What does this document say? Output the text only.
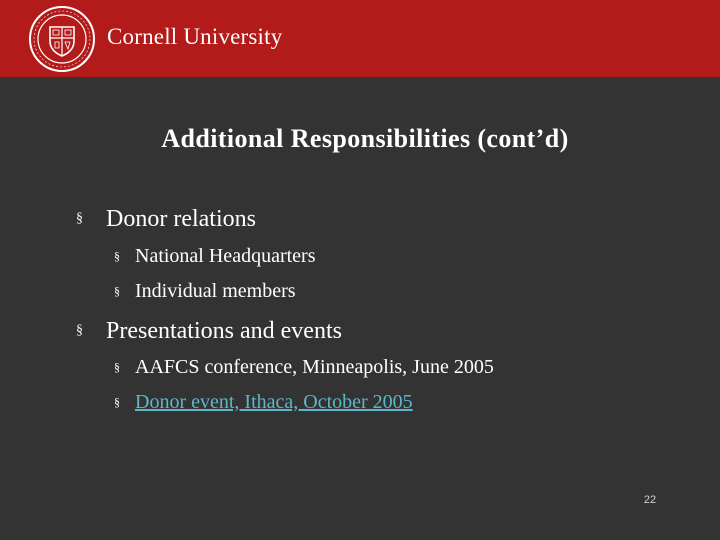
Cornell University
Additional Responsibilities (cont’d)
§ Donor relations
§ National Headquarters
§ Individual members
§ Presentations and events
§ AAFCS conference, Minneapolis, June 2005
§ Donor event, Ithaca, October 2005
22
